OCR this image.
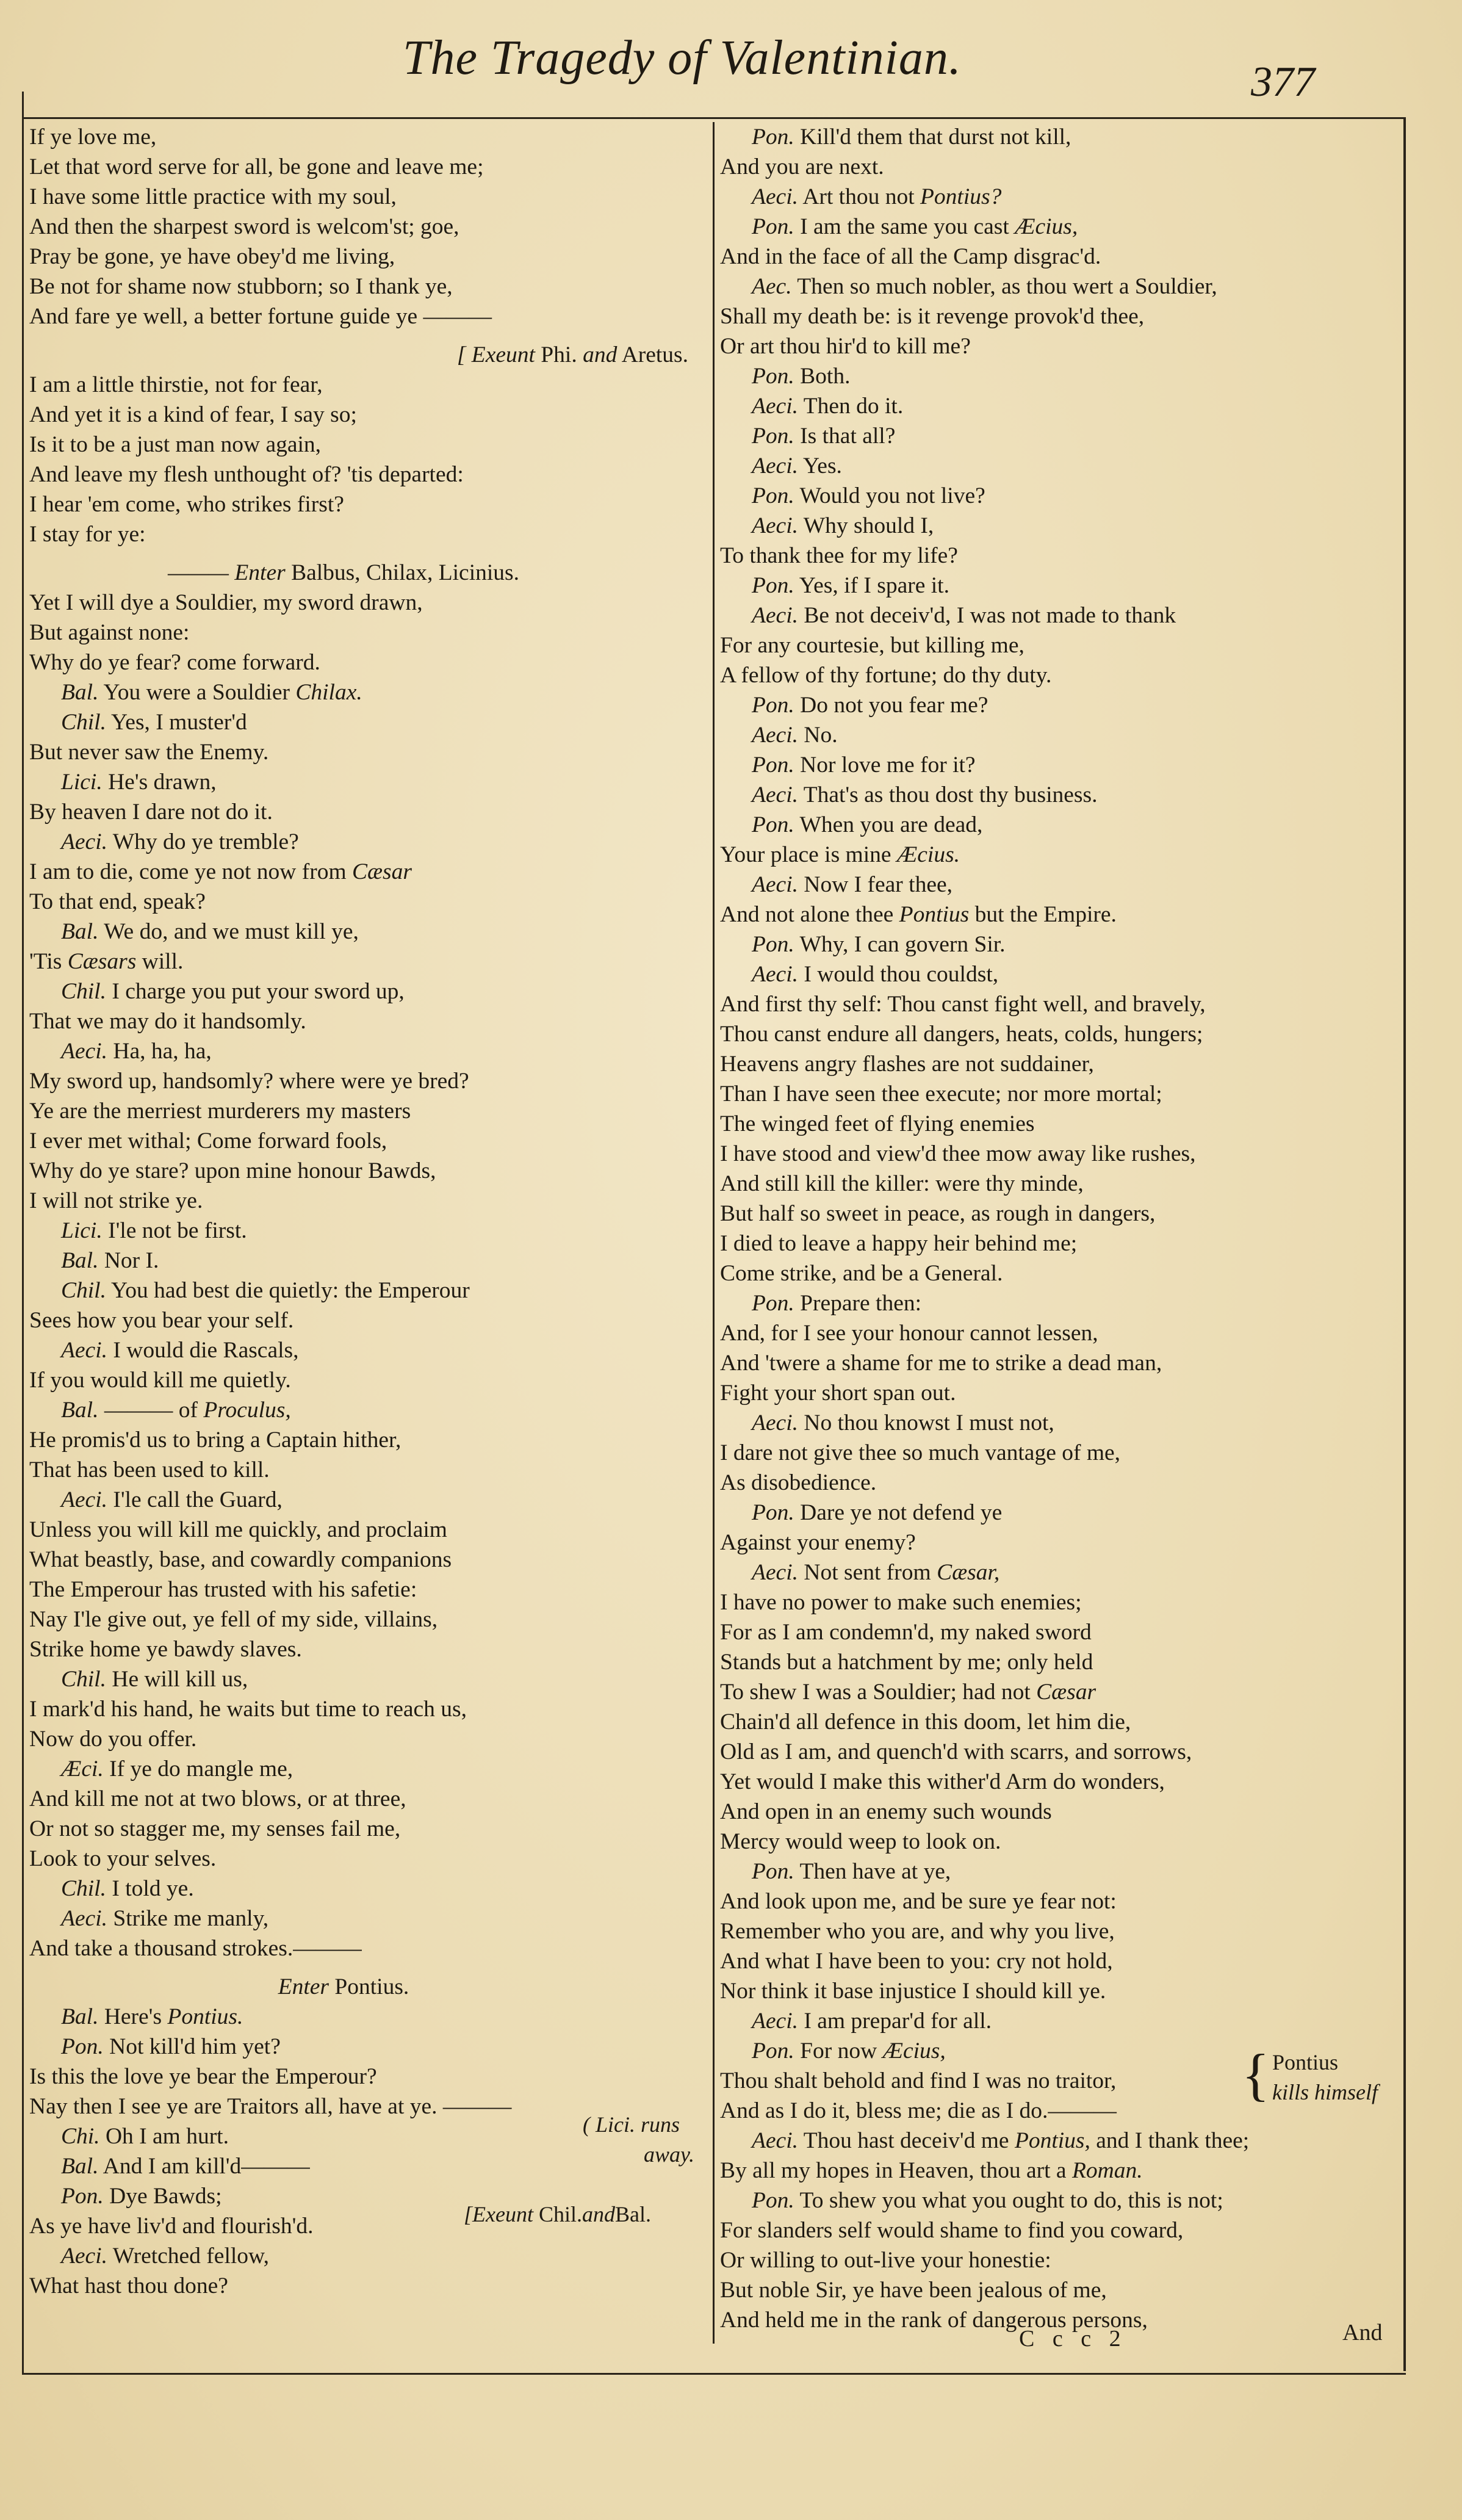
The Tragedy of Valentinian.	377
If ye love me,
Let that word serve for all, be gone and leave me;
I have some little practice with my soul,
And then the sharpest sword is welcom'st; goe,
Pray be gone, ye have obey'd me living,
Be not for shame now stubborn; so I thank ye,
And fare ye well, a better fortune guide ye ———
[ Exeunt Phi. and Aretus.
I am a little thirstie, not for fear,
And yet it is a kind of fear, I say so;
Is it to be a just man now again,
And leave my flesh unthought of? 'tis departed:
I hear 'em come, who strikes first?
I stay for ye:
——— Enter Balbus, Chilax, Licinius.
Yet I will dye a Souldier, my sword drawn,
But against none:
Why do ye fear? come forward.
Bal. You were a Souldier Chilax.
Chil. Yes, I muster'd
But never saw the Enemy.
Lici. He's drawn,
By heaven I dare not do it.
Aeci. Why do ye tremble?
I am to die, come ye not now from Cæsar
To that end, speak?
Bal. We do, and we must kill ye,
'Tis Cæsars will.
Chil. I charge you put your sword up,
That we may do it handsomly.
Aeci. Ha, ha, ha,
My sword up, handsomly? where were ye bred?
Ye are the merriest murderers my masters
I ever met withal; Come forward fools,
Why do ye stare? upon mine honour Bawds,
I will not strike ye.
Lici. I'le not be first.
Bal. Nor I.
Chil. You had best die quietly: the Emperour
Sees how you bear your self.
Aeci. I would die Rascals,
If you would kill me quietly.
Bal. ——— of Proculus,
He promis'd us to bring a Captain hither,
That has been used to kill.
Aeci. I'le call the Guard,
Unless you will kill me quickly, and proclaim
What beastly, base, and cowardly companions
The Emperour has trusted with his safetie:
Nay I'le give out, ye fell of my side, villains,
Strike home ye bawdy slaves.
Chil. He will kill us,
I mark'd his hand, he waits but time to reach us,
Now do you offer.
Æci. If ye do mangle me,
And kill me not at two blows, or at three,
Or not so stagger me, my senses fail me,
Look to your selves.
Chil. I told ye.
Aeci. Strike me manly,
And take a thousand strokes.———
Enter Pontius.
Bal. Here's Pontius.
Pon. Not kill'd him yet?
Is this the love ye bear the Emperour?
Nay then I see ye are Traitors all, have at ye. ———
Chi. Oh I am hurt.
Bal. And I am kill'd———
Pon. Dye Bawds;
As ye have liv'd and flourish'd.
Aeci. Wretched fellow,
What hast thou done?
Pon. Kill'd them that durst not kill,
And you are next.
Aeci. Art thou not Pontius?
Pon. I am the same you cast Æcius,
And in the face of all the Camp disgrac'd.
Aec. Then so much nobler, as thou wert a Souldier,
Shall my death be: is it revenge provok'd thee,
Or art thou hir'd to kill me?
Pon. Both.
Aeci. Then do it.
Pon. Is that all?
Aeci. Yes.
Pon. Would you not live?
Aeci. Why should I,
To thank thee for my life?
Pon. Yes, if I spare it.
Aeci. Be not deceiv'd, I was not made to thank
For any courtesie, but killing me,
A fellow of thy fortune; do thy duty.
Pon. Do not you fear me?
Aeci. No.
Pon. Nor love me for it?
Aeci. That's as thou dost thy business.
Pon. When you are dead,
Your place is mine Æcius.
Aeci. Now I fear thee,
And not alone thee Pontius but the Empire.
Pon. Why, I can govern Sir.
Aeci. I would thou couldst,
And first thy self: Thou canst fight well, and bravely,
Thou canst endure all dangers, heats, colds, hungers;
Heavens angry flashes are not suddainer,
Than I have seen thee execute; nor more mortal;
The winged feet of flying enemies
I have stood and view'd thee mow away like rushes,
And still kill the killer: were thy minde,
But half so sweet in peace, as rough in dangers,
I died to leave a happy heir behind me;
Come strike, and be a General.
Pon. Prepare then:
And, for I see your honour cannot lessen,
And 'twere a shame for me to strike a dead man,
Fight your short span out.
Aeci. No thou knowst I must not,
I dare not give thee so much vantage of me,
As disobedience.
Pon. Dare ye not defend ye
Against your enemy?
Aeci. Not sent from Cæsar,
I have no power to make such enemies;
For as I am condemn'd, my naked sword
Stands but a hatchment by me; only held
To shew I was a Souldier; had not Cæsar
Chain'd all defence in this doom, let him die,
Old as I am, and quench'd with scarrs, and sorrows,
Yet would I make this wither'd Arm do wonders,
And open in an enemy such wounds
Mercy would weep to look on.
Pon. Then have at ye,
And look upon me, and be sure ye fear not:
Remember who you are, and why you live,
And what I have been to you: cry not hold,
Nor think it base injustice I should kill ye.
Aeci. I am prepar'd for all.
Pon. For now Æcius,
Thou shalt behold and find I was no traitor,
And as I do it, bless me; die as I do.———
Aeci. Thou hast deceiv'd me Pontius, and I thank thee;
By all my hopes in Heaven, thou art a Roman.
Pon. To shew you what you ought to do, this is not;
For slanders self would shame to find you coward,
Or willing to out-live your honestie:
But noble Sir, ye have been jealous of me,
And held me in the rank of dangerous persons,
( Lici. runs
away.
[Exeunt Chil.andBal.
{ Pontius
kills himself
C c c 2	And
